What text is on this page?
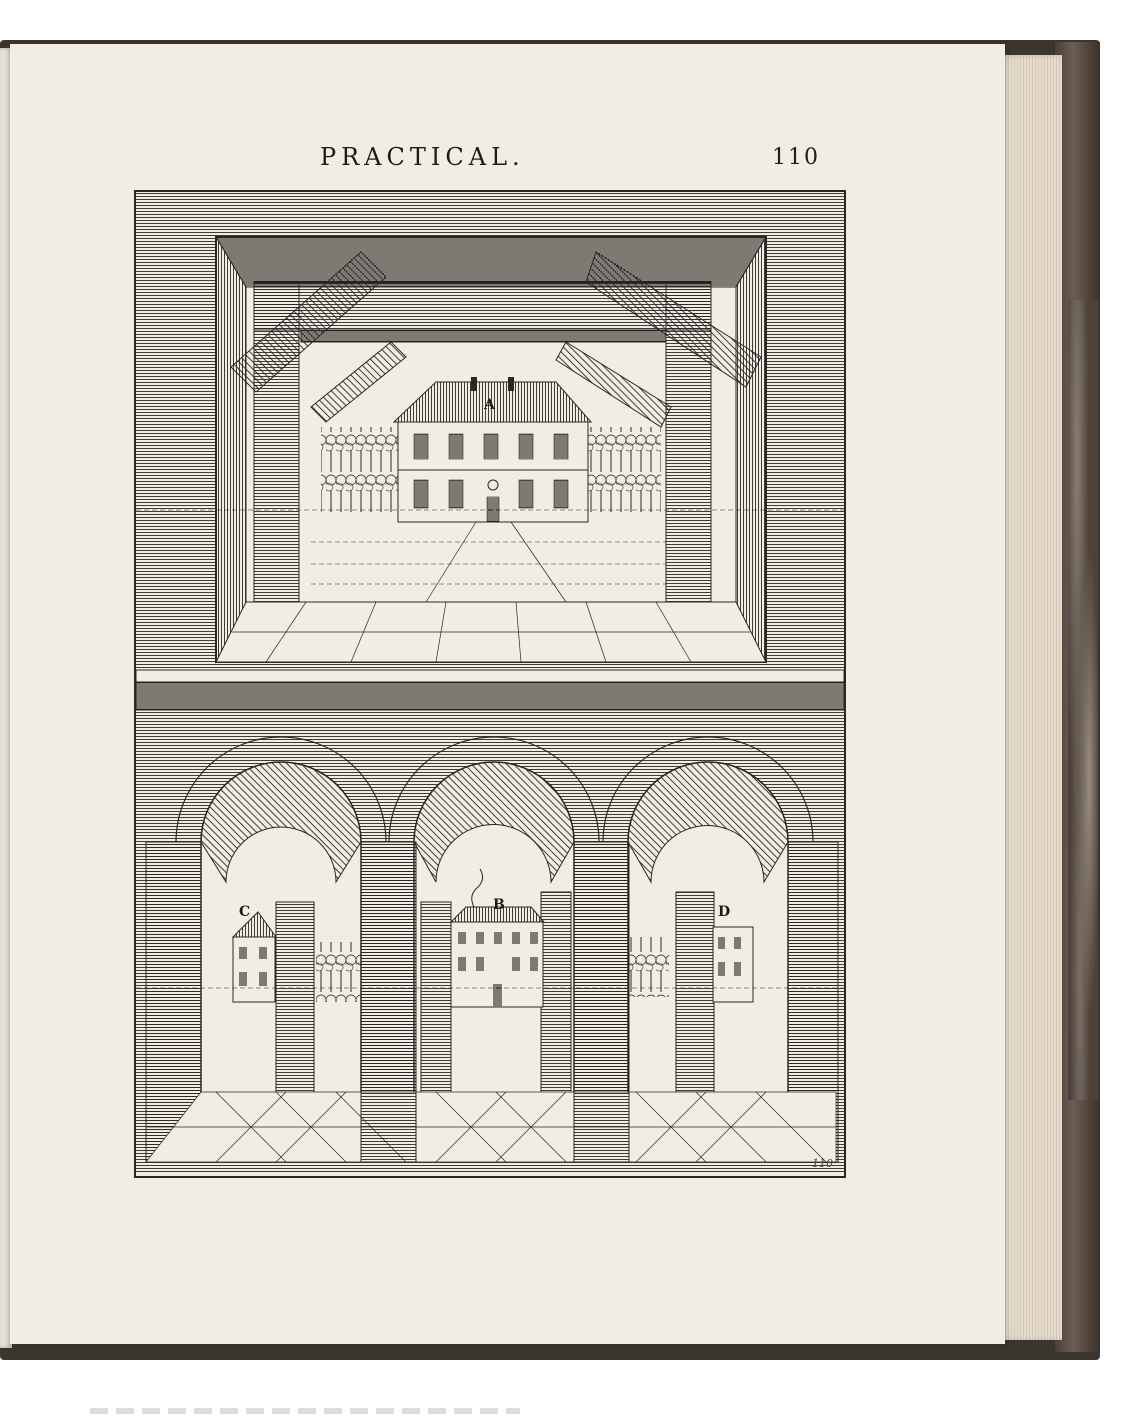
PRACTICAL.	110
A
B
C	D
110
